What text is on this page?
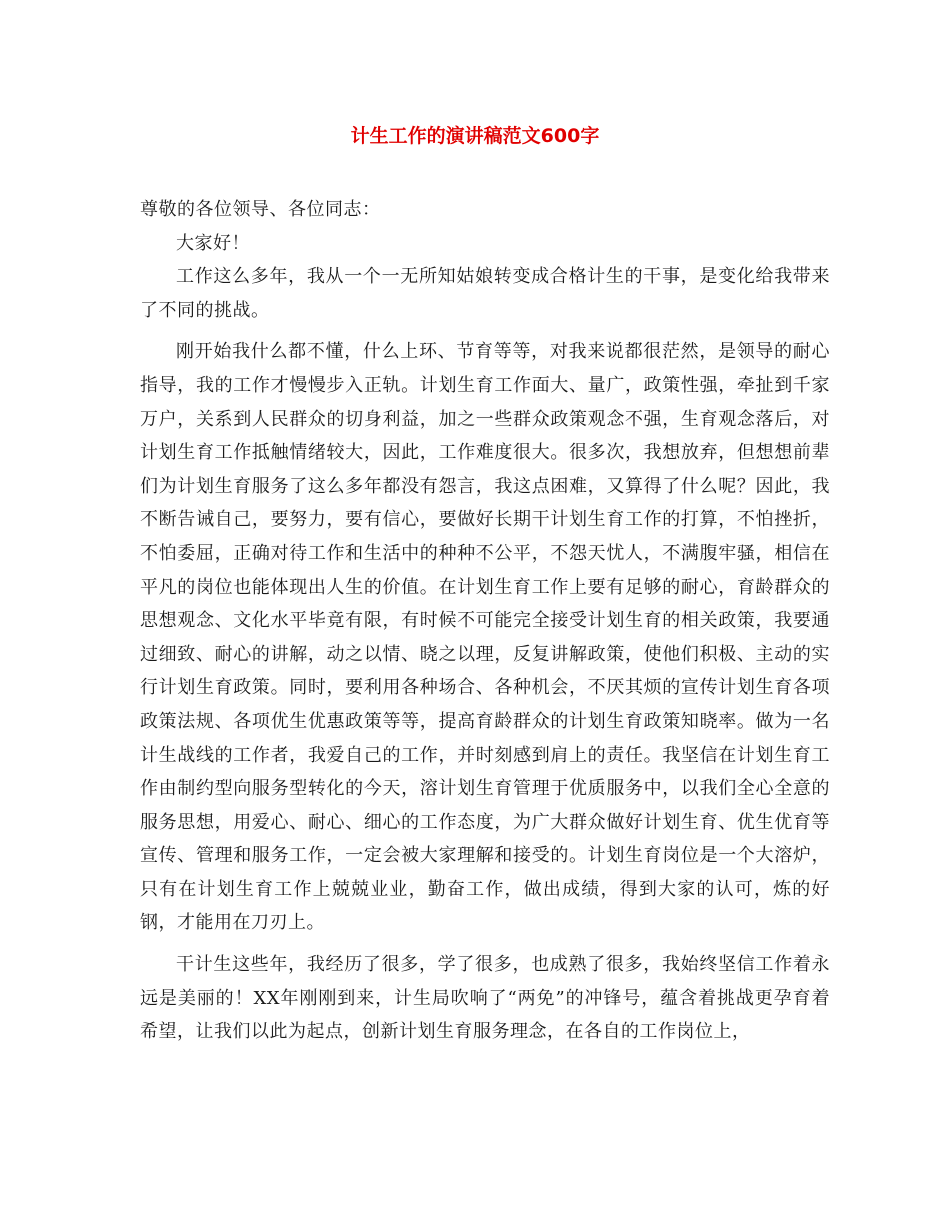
计生工作的演讲稿范文600字

尊敬的各位领导、各位同志：

大家好！

工作这么多年，我从一个一无所知姑娘转变成合格计生的干事，是变化给我带来了不同的挑战。

刚开始我什么都不懂，什么上环、节育等等，对我来说都很茫然，是领导的耐心指导，我的工作才慢慢步入正轨。计划生育工作面大、量广，政策性强，牵扯到千家万户，关系到人民群众的切身利益，加之一些群众政策观念不强，生育观念落后，对计划生育工作抵触情绪较大，因此，工作难度很大。很多次，我想放弃，但想想前辈们为计划生育服务了这么多年都没有怨言，我这点困难，又算得了什么呢？因此，我不断告诫自己，要努力，要有信心，要做好长期干计划生育工作的打算，不怕挫折，不怕委屈，正确对待工作和生活中的种种不公平，不怨天忧人，不满腹牢骚，相信在平凡的岗位也能体现出人生的价值。在计划生育工作上要有足够的耐心，育龄群众的思想观念、文化水平毕竟有限，有时候不可能完全接受计划生育的相关政策，我要通过细致、耐心的讲解，动之以情、晓之以理，反复讲解政策，使他们积极、主动的实行计划生育政策。同时，要利用各种场合、各种机会，不厌其烦的宣传计划生育各项政策法规、各项优生优惠政策等等，提高育龄群众的计划生育政策知晓率。做为一名计生战线的工作者，我爱自己的工作，并时刻感到肩上的责任。我坚信在计划生育工作由制约型向服务型转化的今天，溶计划生育管理于优质服务中，以我们全心全意的服务思想，用爱心、耐心、细心的工作态度，为广大群众做好计划生育、优生优育等宣传、管理和服务工作，一定会被大家理解和接受的。计划生育岗位是一个大溶炉，只有在计划生育工作上兢兢业业，勤奋工作，做出成绩，得到大家的认可，炼的好钢，才能用在刀刃上。

干计生这些年，我经历了很多，学了很多，也成熟了很多，我始终坚信工作着永远是美丽的！XX年刚刚到来，计生局吹响了“两免”的冲锋号，蕴含着挑战更孕育着希望，让我们以此为起点，创新计划生育服务理念，在各自的工作岗位上，
